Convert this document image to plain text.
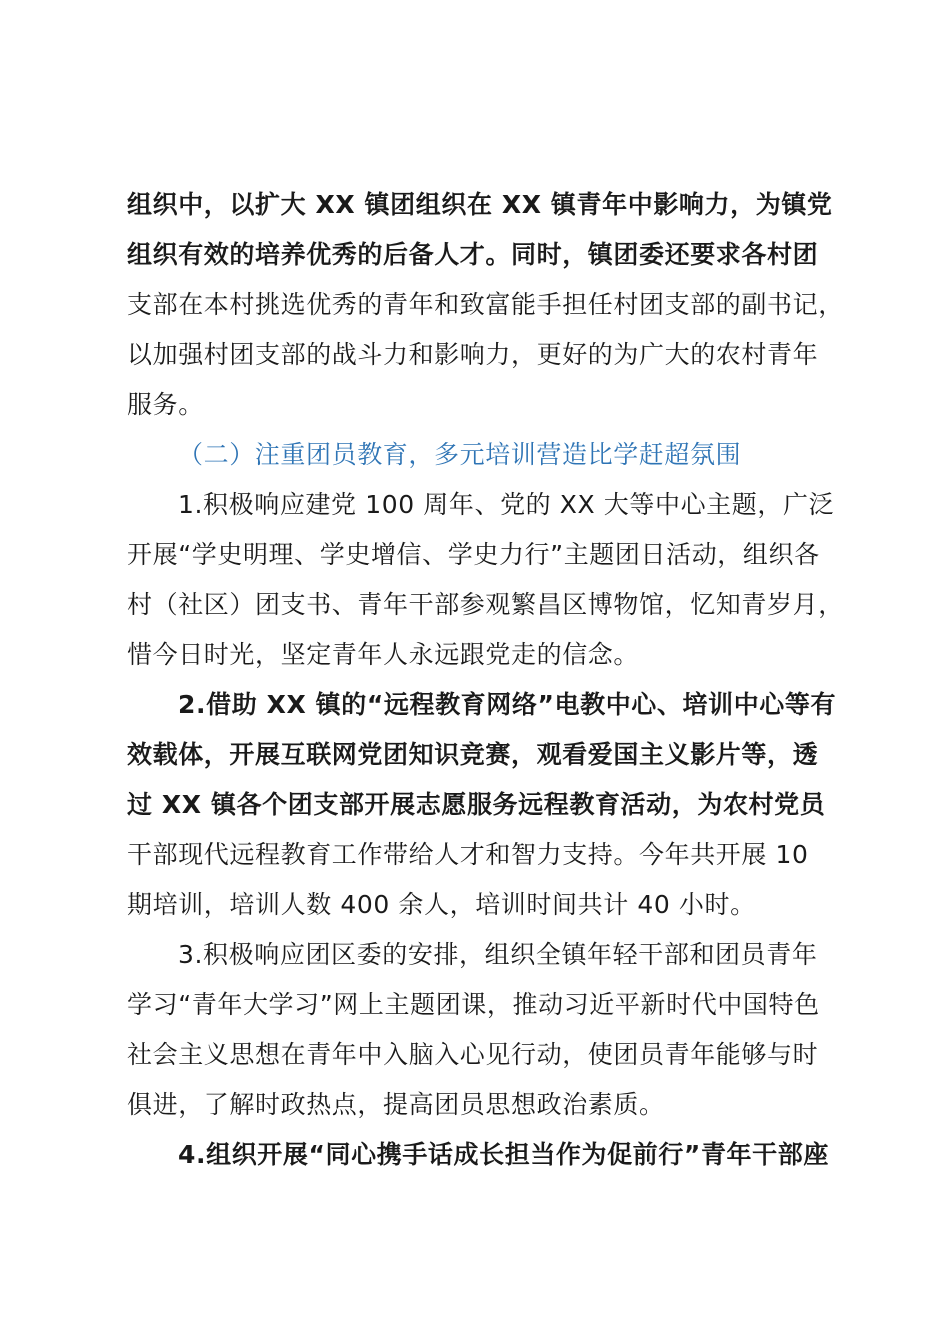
组织中，以扩大 XX 镇团组织在 XX 镇青年中影响力，为镇党
组织有效的培养优秀的后备人才。同时，镇团委还要求各村团
支部在本村挑选优秀的青年和致富能手担任村团支部的副书记，
以加强村团支部的战斗力和影响力，更好的为广大的农村青年
服务。
（二）注重团员教育，多元培训营造比学赶超氛围
1.积极响应建党 100 周年、党的 XX 大等中心主题，广泛
开展“学史明理、学史增信、学史力行”主题团日活动，组织各
村（社区）团支书、青年干部参观繁昌区博物馆，忆知青岁月，
惜今日时光，坚定青年人永远跟党走的信念。
2.借助 XX 镇的“远程教育网络”电教中心、培训中心等有
效载体，开展互联网党团知识竞赛，观看爱国主义影片等，透
过 XX 镇各个团支部开展志愿服务远程教育活动，为农村党员
干部现代远程教育工作带给人才和智力支持。今年共开展 10
期培训，培训人数 400 余人，培训时间共计 40 小时。
3.积极响应团区委的安排，组织全镇年轻干部和团员青年
学习“青年大学习”网上主题团课，推动习近平新时代中国特色
社会主义思想在青年中入脑入心见行动，使团员青年能够与时
俱进，了解时政热点，提高团员思想政治素质。
4.组织开展“同心携手话成长担当作为促前行”青年干部座
